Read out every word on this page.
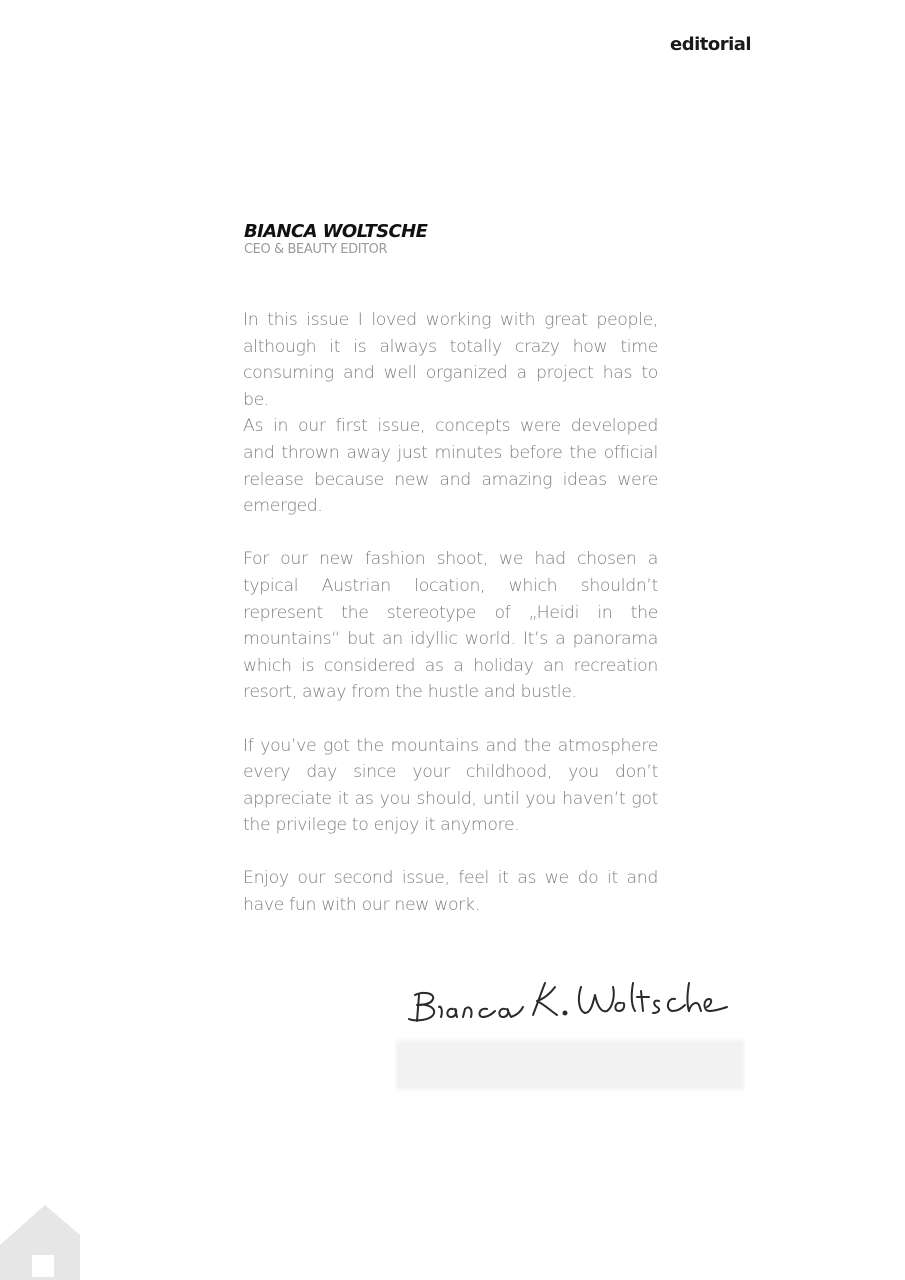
editorial
BIANCA WOLTSCHE
CEO & BEAUTY EDITOR

In this issue I loved working with great people, although it is always totally crazy how time consuming and well organized a project has to be.

As in our first issue, concepts were developed and thrown away just minutes before the official release because new and amazing ideas were emerged.

For our new fashion shoot, we had chosen a typical Austrian location, which shouldn’t represent the stereotype of „Heidi in the mountains“ but an idyllic world. It’s a panorama which is considered as a holiday an recreation resort, away from the hustle and bustle.

If you’ve got the mountains and the atmosphere every day since your childhood, you don’t appreciate it as you should, until you haven’t got the privilege to enjoy it anymore.

Enjoy our second issue, feel it as we do it and have fun with our new work.
